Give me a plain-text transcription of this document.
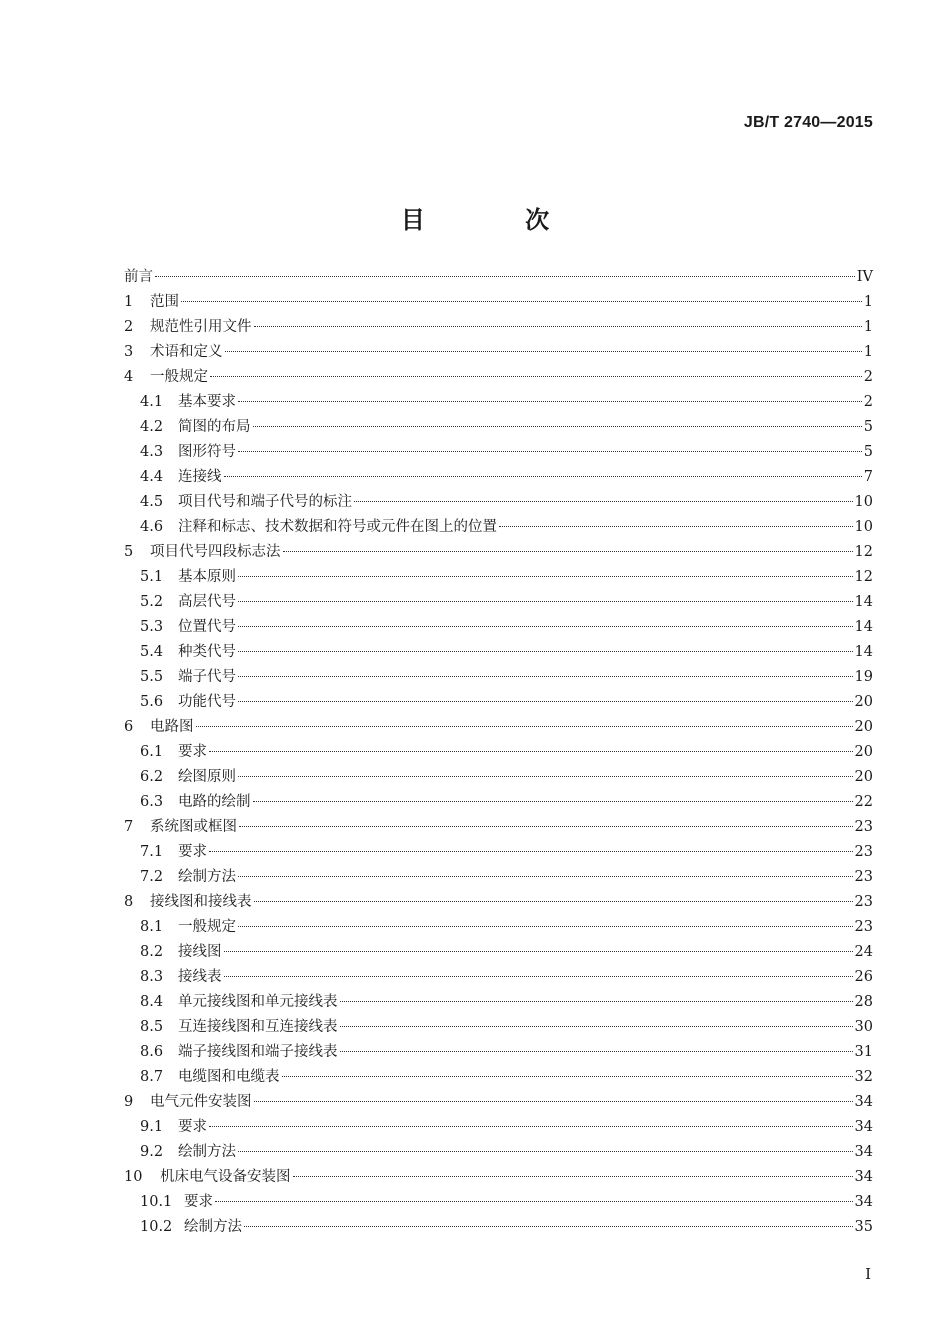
JB/T 2740—2015
目 次
前言	IV
1	范围	1
2	规范性引用文件	1
3	术语和定义	1
4	一般规定	2
4.1	基本要求	2
4.2	简图的布局	5
4.3	图形符号	5
4.4	连接线	7
4.5	项目代号和端子代号的标注	10
4.6	注释和标志、技术数据和符号或元件在图上的位置	10
5	项目代号四段标志法	12
5.1	基本原则	12
5.2	高层代号	14
5.3	位置代号	14
5.4	种类代号	14
5.5	端子代号	19
5.6	功能代号	20
6	电路图	20
6.1	要求	20
6.2	绘图原则	20
6.3	电路的绘制	22
7	系统图或框图	23
7.1	要求	23
7.2	绘制方法	23
8	接线图和接线表	23
8.1	一般规定	23
8.2	接线图	24
8.3	接线表	26
8.4	单元接线图和单元接线表	28
8.5	互连接线图和互连接线表	30
8.6	端子接线图和端子接线表	31
8.7	电缆图和电缆表	32
9	电气元件安装图	34
9.1	要求	34
9.2	绘制方法	34
10	机床电气设备安装图	34
10.1 要求	34
10.2 绘制方法	35
I
